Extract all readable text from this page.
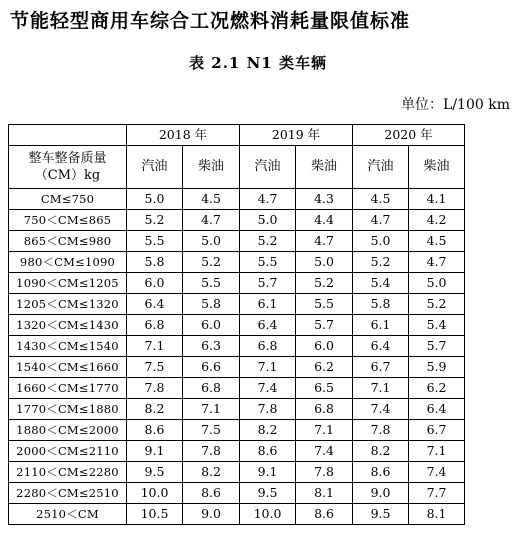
节能轻型商用车综合工况燃料消耗量限值标准
表 2.1 N1 类车辆
单位：L/100 km
	2018 年		2019 年		2020 年	
整车整备质量（CM）kg	汽油	柴油	汽油	柴油	汽油	柴油
CM≤750	5.0	4.5	4.7	4.3	4.5	4.1
750＜CM≤865	5.2	4.7	5.0	4.4	4.7	4.2
865＜CM≤980	5.5	5.0	5.2	4.7	5.0	4.5
980＜CM≤1090	5.8	5.2	5.5	5.0	5.2	4.7
1090＜CM≤1205	6.0	5.5	5.7	5.2	5.4	5.0
1205＜CM≤1320	6.4	5.8	6.1	5.5	5.8	5.2
1320＜CM≤1430	6.8	6.0	6.4	5.7	6.1	5.4
1430＜CM≤1540	7.1	6.3	6.8	6.0	6.4	5.7
1540＜CM≤1660	7.5	6.6	7.1	6.2	6.7	5.9
1660＜CM≤1770	7.8	6.8	7.4	6.5	7.1	6.2
1770＜CM≤1880	8.2	7.1	7.8	6.8	7.4	6.4
1880＜CM≤2000	8.6	7.5	8.2	7.1	7.8	6.7
2000＜CM≤2110	9.1	7.8	8.6	7.4	8.2	7.1
2110＜CM≤2280	9.5	8.2	9.1	7.8	8.6	7.4
2280＜CM≤2510	10.0	8.6	9.5	8.1	9.0	7.7
2510＜CM	10.5	9.0	10.0	8.6	9.5	8.1
